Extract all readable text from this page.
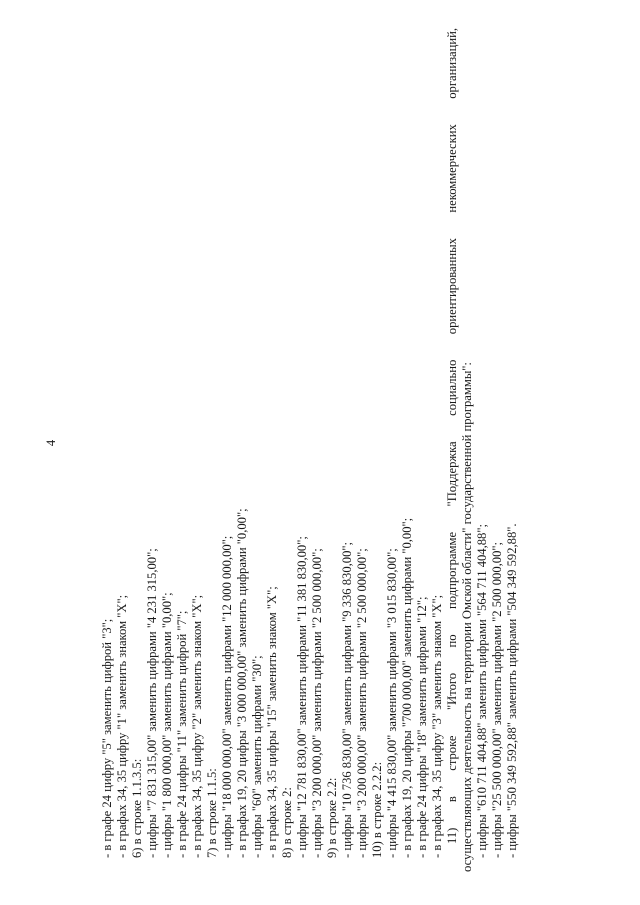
4
- в графе 24 цифру "5" заменить цифрой "3"; - в графах 34, 35 цифру "1" заменить знаком "X"; 6) в строке 1.1.3.5: - цифры "7 831 315,00" заменить цифрами "4 231 315,00"; - цифры "1 800 000,00" заменить цифрами "0,00"; - в графе 24 цифры "11" заменить цифрой "7"; - в графах 34, 35 цифру "2" заменить знаком "X"; 7) в строке 1.1.5: - цифры "18 000 000,00" заменить цифрами "12 000 000,00"; - в графах 19, 20 цифры "3 000 000,00" заменить цифрами "0,00"; - цифры "60" заменить цифрами "30"; - в графах 34, 35 цифры "15" заменить знаком "X"; 8) в строке 2: - цифры "12 781 830,00" заменить цифрами "11 381 830,00"; - цифры "3 200 000,00" заменить цифрами "2 500 000,00"; 9) в строке 2.2: - цифры "10 736 830,00" заменить цифрами "9 336 830,00"; - цифры "3 200 000,00" заменить цифрами "2 500 000,00"; 10) в строке 2.2.2: - цифры "4 415 830,00" заменить цифрами "3 015 830,00"; - в графах 19, 20 цифры "700 000,00" заменить цифрами "0,00"; - в графе 24 цифры "18" заменить цифрами "12"; - в графах 34, 35 цифру "3" заменить знаком "X"; 11) в строке "Итого по подпрограмме "Поддержка социально ориентированных некоммерческих организаций, осуществляющих деятельность на территории Омской области" государственной программы": - цифры "610 711 404,88" заменить цифрами "564 711 404,88"; - цифры "25 500 000,00" заменить цифрами "2 500 000,00"; - цифры "550 349 592,88" заменить цифрами "504 349 592,88".
